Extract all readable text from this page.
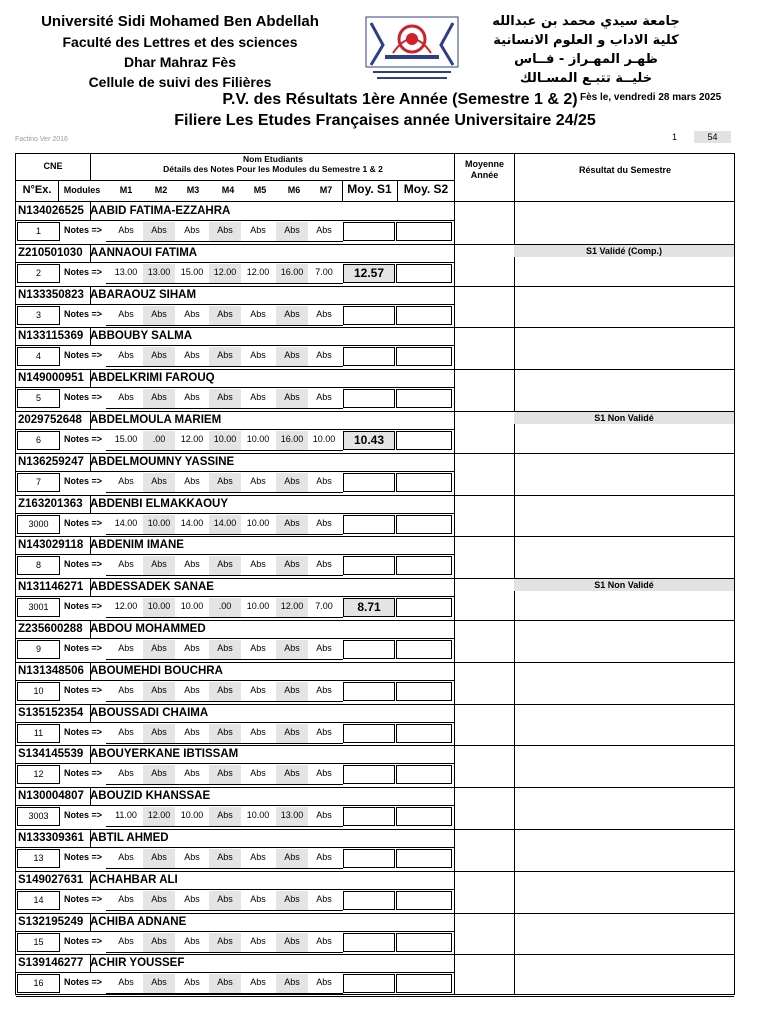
Université Sidi Mohamed Ben Abdellah
Faculté des Lettres et des sciences
Dhar Mahraz Fès
Cellule de suivi des Filières
جامعة سيدي محمد بن عبدالله
كلية الاداب و العلوم الانسانية
ظهـر المهـراز - فــاس
خليــة تتبـع المسـالك
P.V. des Résultats 1ère Année (Semestre 1 & 2)
Filiere Les Etudes Françaises année Universitaire 24/25
Fès le, vendredi 28 mars 2025
Factino Ver 2016	1	54
CNE
Nom Etudiants
Détails des Notes Pour les Modules du Semestre 1 & 2
N°Ex.	Modules	M1	M2	M3	M4	M5	M6	M7	Moy. S1	Moy. S2
Moyenne Année	Résultat du Semestre
N134026525 AABID FATIMA-EZZAHRA
1	Notes =>	Abs	Abs	Abs	Abs	Abs	Abs	Abs
Z210501030 AANNAOUI FATIMA
2	Notes =>	13.00	13.00	15.00	12.00	12.00	16.00	7.00	12.57
S1 Validé (Comp.)
N133350823 ABARAOUZ SIHAM
3	Notes =>	Abs	Abs	Abs	Abs	Abs	Abs	Abs
N133115369 ABBOUBY SALMA
4	Notes =>	Abs	Abs	Abs	Abs	Abs	Abs	Abs
N149000951 ABDELKRIMI FAROUQ
5	Notes =>	Abs	Abs	Abs	Abs	Abs	Abs	Abs
2029752648 ABDELMOULA MARIEM
6	Notes =>	15.00	.00	12.00	10.00	10.00	16.00	10.00	10.43
S1 Non Validé
N136259247 ABDELMOUMNY YASSINE
7	Notes =>	Abs	Abs	Abs	Abs	Abs	Abs	Abs
Z163201363 ABDENBI ELMAKKAOUY
3000	Notes =>	14.00	10.00	14.00	14.00	10.00	Abs	Abs
N143029118 ABDENIM IMANE
8	Notes =>	Abs	Abs	Abs	Abs	Abs	Abs	Abs
N131146271 ABDESSADEK SANAE
3001	Notes =>	12.00	10.00	10.00	.00	10.00	12.00	7.00	8.71
S1 Non Validé
Z235600288 ABDOU MOHAMMED
9	Notes =>	Abs	Abs	Abs	Abs	Abs	Abs	Abs
N131348506 ABOUMEHDI BOUCHRA
10	Notes =>	Abs	Abs	Abs	Abs	Abs	Abs	Abs
S135152354 ABOUSSADI CHAIMA
11	Notes =>	Abs	Abs	Abs	Abs	Abs	Abs	Abs
S134145539 ABOUYERKANE IBTISSAM
12	Notes =>	Abs	Abs	Abs	Abs	Abs	Abs	Abs
N130004807 ABOUZID KHANSSAE
3003	Notes =>	11.00	12.00	10.00	Abs	10.00	13.00	Abs
N133309361 ABTIL AHMED
13	Notes =>	Abs	Abs	Abs	Abs	Abs	Abs	Abs
S149027631 ACHAHBAR ALI
14	Notes =>	Abs	Abs	Abs	Abs	Abs	Abs	Abs
S132195249 ACHIBA ADNANE
15	Notes =>	Abs	Abs	Abs	Abs	Abs	Abs	Abs
S139146277 ACHIR YOUSSEF
16	Notes =>	Abs	Abs	Abs	Abs	Abs	Abs	Abs
